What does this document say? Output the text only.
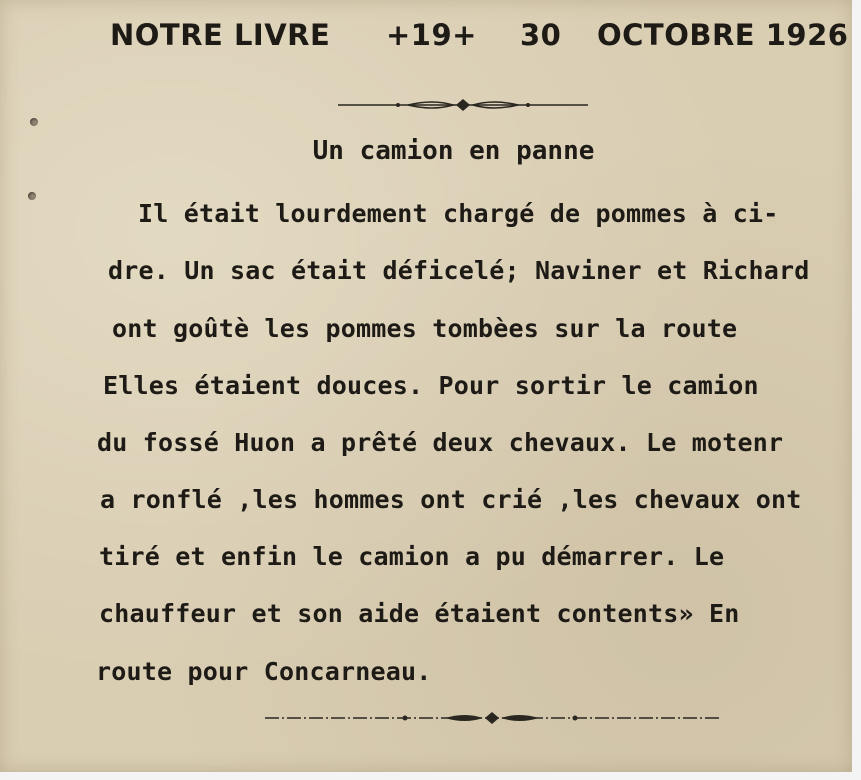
NOTRE LIVRE +19+ 30 OCTOBRE 1926
Un camion en panne
Il était lourdement chargé de pommes à ci-
dre. Un sac était déficelé; Naviner et Richard
ont goûtè les pommes tombèes sur la route
Elles étaient douces. Pour sortir le camion
du fossé Huon a prêté deux chevaux. Le motenr
a ronflé ,les hommes ont crié ,les chevaux ont
tiré et enfin le camion a pu démarrer. Le
chauffeur et son aide étaient contents» En
route pour Concarneau.
